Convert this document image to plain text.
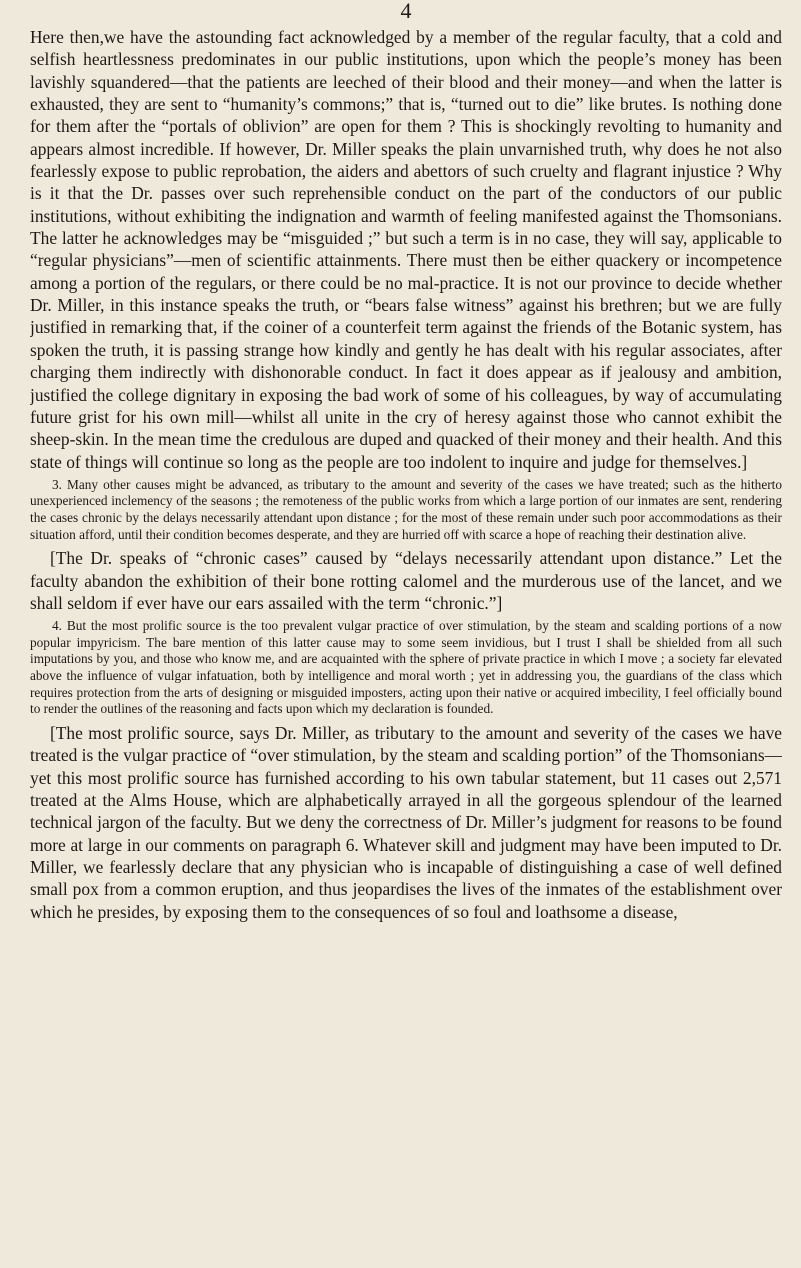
4

Here then,we have the astounding fact acknowledged by a member of the regular faculty, that a cold and selfish heartlessness predominates in our public institutions, upon which the people’s money has been lavishly squandered—that the patients are leeched of their blood and their money—and when the latter is exhausted, they are sent to “humanity’s commons;” that is, “turned out to die” like brutes. Is nothing done for them after the “portals of oblivion” are open for them ? This is shockingly revolting to humanity and appears almost incredible. If however, Dr. Miller speaks the plain unvarnished truth, why does he not also fearlessly expose to public reprobation, the aiders and abettors of such cruelty and flagrant injustice ? Why is it that the Dr. passes over such reprehensible conduct on the part of the conductors of our public institutions, without exhibiting the indignation and warmth of feeling manifested against the Thomsonians. The latter he acknowledges may be “misguided ;” but such a term is in no case, they will say, applicable to “regular physicians”—men of scientific attainments. There must then be either quackery or incompetence among a portion of the regulars, or there could be no mal-practice. It is not our province to decide whether Dr. Miller, in this instance speaks the truth, or “bears false witness” against his brethren; but we are fully justified in remarking that, if the coiner of a counterfeit term against the friends of the Botanic system, has spoken the truth, it is passing strange how kindly and gently he has dealt with his regular associates, after charging them indirectly with dishonorable conduct. In fact it does appear as if jealousy and ambition, justified the college dignitary in exposing the bad work of some of his colleagues, by way of accumulating future grist for his own mill—whilst all unite in the cry of heresy against those who cannot exhibit the sheep-skin. In the mean time the credulous are duped and quacked of their money and their health. And this state of things will continue so long as the people are too indolent to inquire and judge for themselves.]

3. Many other causes might be advanced, as tributary to the amount and severity of the cases we have treated; such as the hitherto unexperienced inclemency of the seasons ; the remoteness of the public works from which a large portion of our inmates are sent, rendering the cases chronic by the delays necessarily attendant upon distance ; for the most of these remain under such poor accommodations as their situation afford, until their condition becomes desperate, and they are hurried off with scarce a hope of reaching their destination alive.

[The Dr. speaks of “chronic cases” caused by “delays necessarily attendant upon distance.” Let the faculty abandon the exhibition of their bone rotting calomel and the murderous use of the lancet, and we shall seldom if ever have our ears assailed with the term “chronic.”]

4. But the most prolific source is the too prevalent vulgar practice of over stimulation, by the steam and scalding portions of a now popular impyricism. The bare mention of this latter cause may to some seem invidious, but I trust I shall be shielded from all such imputations by you, and those who know me, and are acquainted with the sphere of private practice in which I move ; a society far elevated above the influence of vulgar infatuation, both by intelligence and moral worth ; yet in addressing you, the guardians of the class which requires protection from the arts of designing or misguided imposters, acting upon their native or acquired imbecility, I feel officially bound to render the outlines of the reasoning and facts upon which my declaration is founded.

[The most prolific source, says Dr. Miller, as tributary to the amount and severity of the cases we have treated is the vulgar practice of “over stimulation, by the steam and scalding portion” of the Thomsonians—yet this most prolific source has furnished according to his own tabular statement, but 11 cases out 2,571 treated at the Alms House, which are alphabetically arrayed in all the gorgeous splendour of the learned technical jargon of the faculty. But we deny the correctness of Dr. Miller’s judgment for reasons to be found more at large in our comments on paragraph 6. Whatever skill and judgment may have been imputed to Dr. Miller, we fearlessly declare that any physician who is incapable of distinguishing a case of well defined small pox from a common eruption, and thus jeopardises the lives of the inmates of the establishment over which he presides, by exposing them to the consequences of so foul and loathsome a disease,
